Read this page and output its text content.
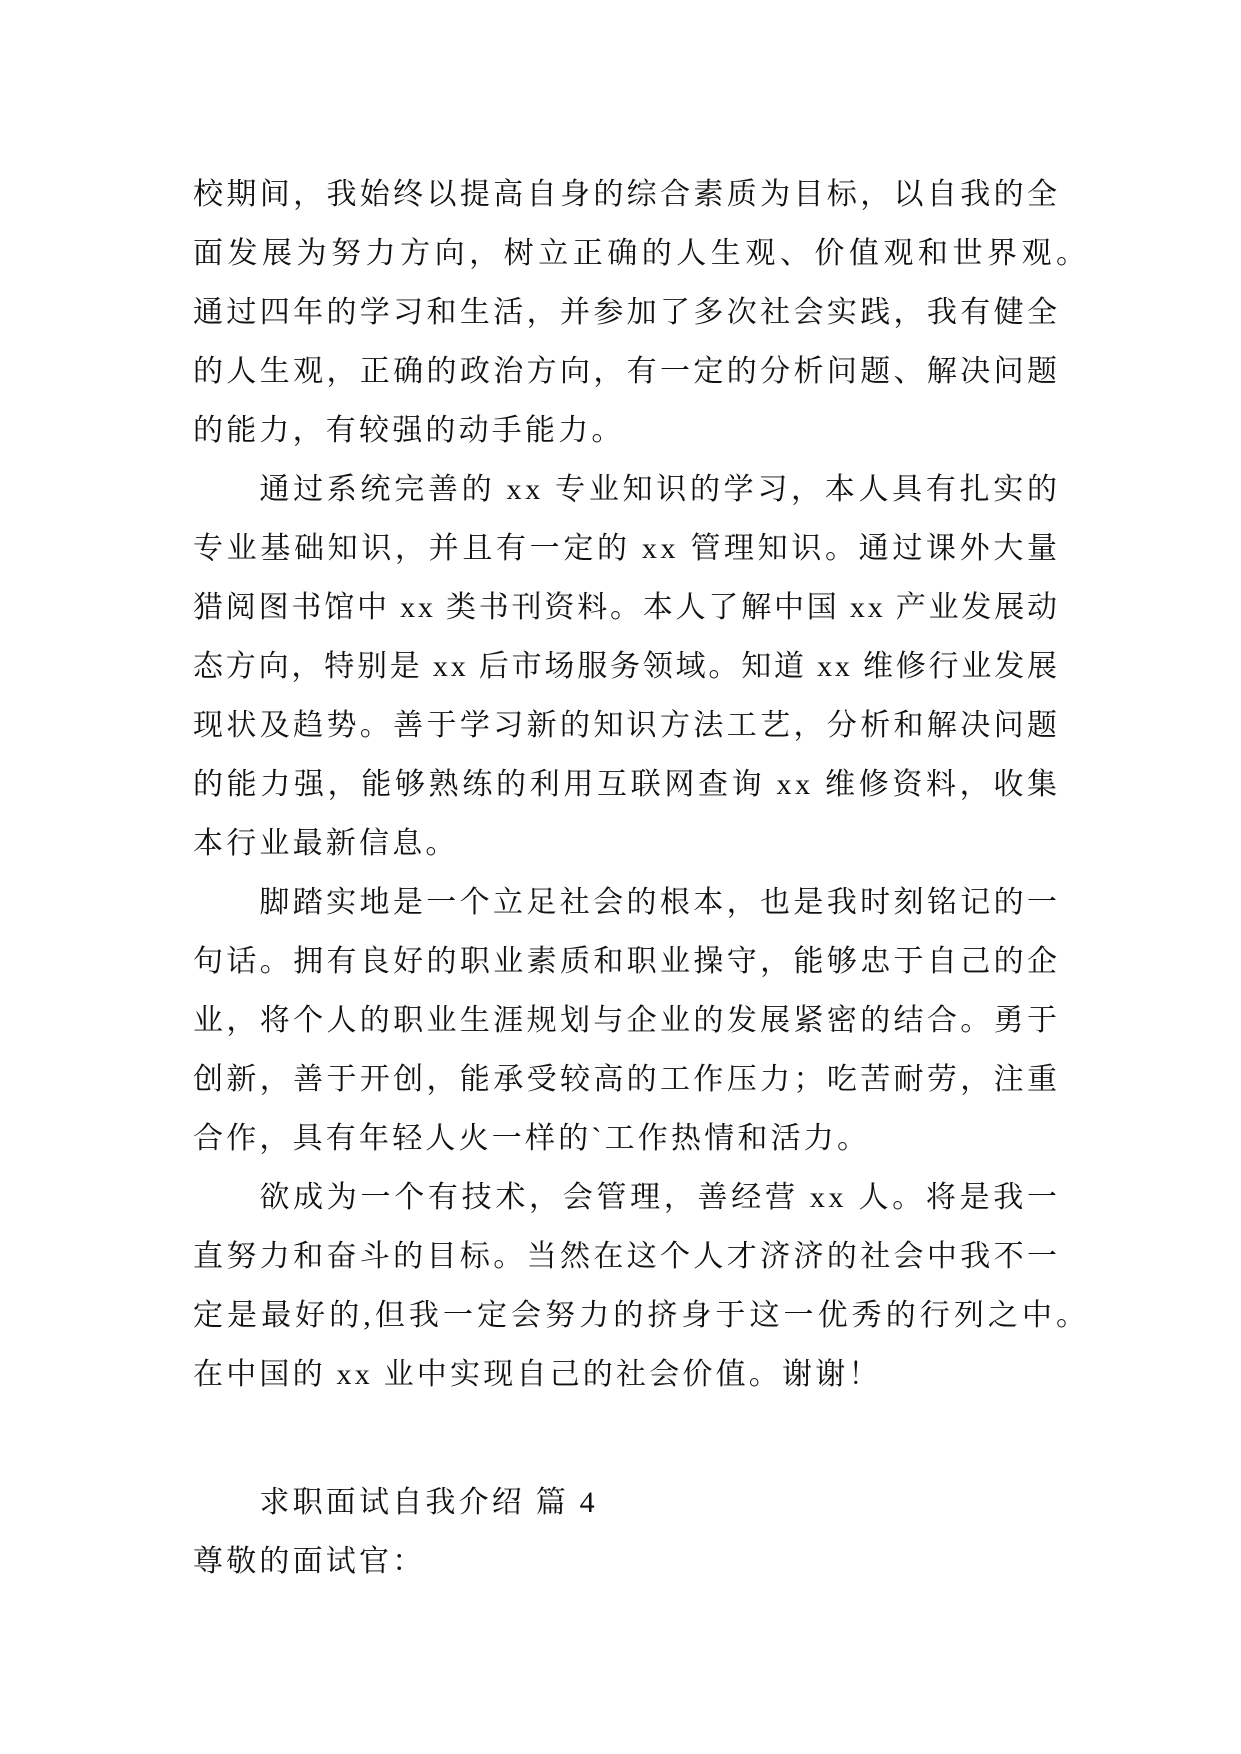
校期间，我始终以提高自身的综合素质为目标，以自我的全
面发展为努力方向，树立正确的人生观、价值观和世界观。
通过四年的学习和生活，并参加了多次社会实践，我有健全
的人生观，正确的政治方向，有一定的分析问题、解决问题
的能力，有较强的动手能力。
通过系统完善的 xx 专业知识的学习，本人具有扎实的
专业基础知识，并且有一定的 xx 管理知识。通过课外大量
猎阅图书馆中 xx 类书刊资料。本人了解中国 xx 产业发展动
态方向，特别是 xx 后市场服务领域。知道 xx 维修行业发展
现状及趋势。善于学习新的知识方法工艺，分析和解决问题
的能力强，能够熟练的利用互联网查询 xx 维修资料，收集
本行业最新信息。
脚踏实地是一个立足社会的根本，也是我时刻铭记的一
句话。拥有良好的职业素质和职业操守，能够忠于自己的企
业，将个人的职业生涯规划与企业的发展紧密的结合。勇于
创新，善于开创，能承受较高的工作压力；吃苦耐劳，注重
合作，具有年轻人火一样的`工作热情和活力。
欲成为一个有技术，会管理，善经营 xx 人。将是我一
直努力和奋斗的目标。当然在这个人才济济的社会中我不一
定是最好的,但我一定会努力的挤身于这一优秀的行列之中。
在中国的 xx 业中实现自己的社会价值。谢谢！
求职面试自我介绍 篇 4
尊敬的面试官：
